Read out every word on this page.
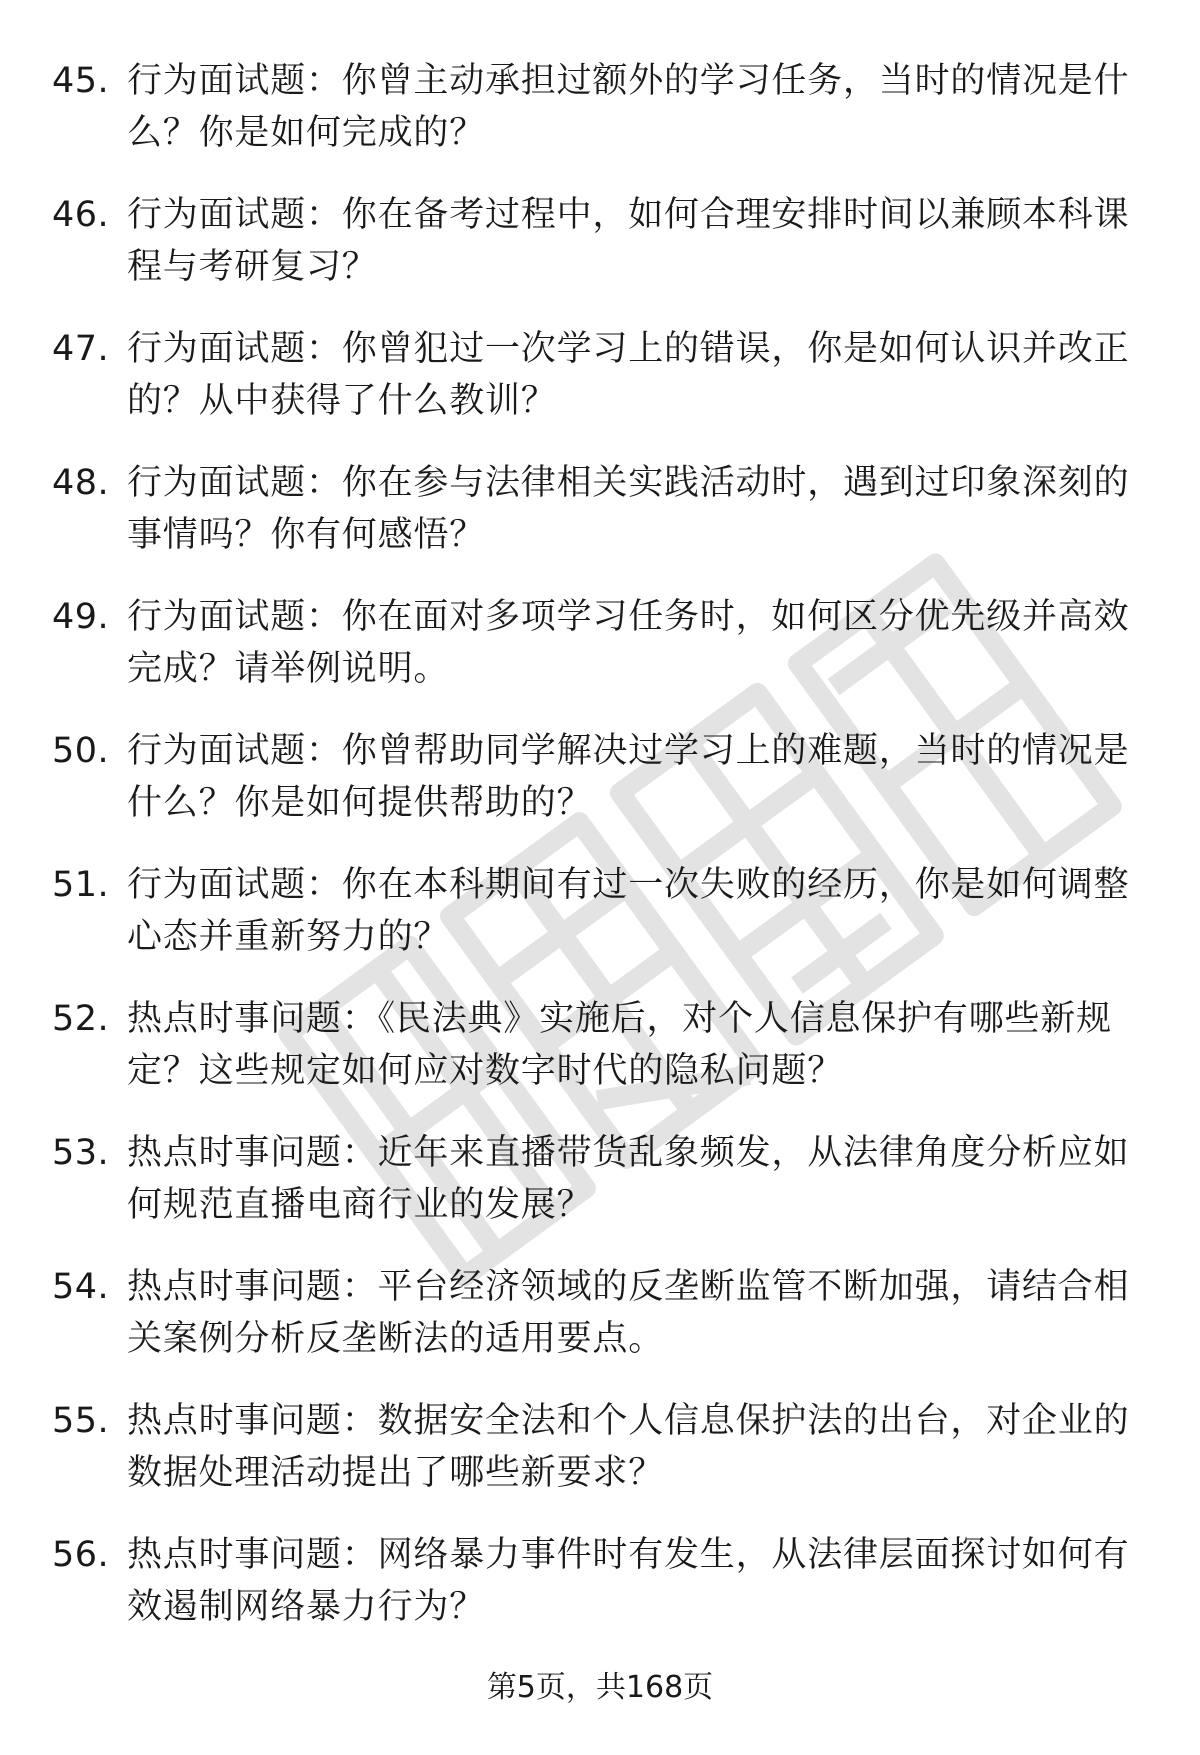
45. 行为面试题：你曾主动承担过额外的学习任务，当时的情况是什么？你是如何完成的？
46. 行为面试题：你在备考过程中，如何合理安排时间以兼顾本科课程与考研复习？
47. 行为面试题：你曾犯过一次学习上的错误，你是如何认识并改正的？从中获得了什么教训？
48. 行为面试题：你在参与法律相关实践活动时，遇到过印象深刻的事情吗？你有何感悟？
49. 行为面试题：你在面对多项学习任务时，如何区分优先级并高效完成？请举例说明。
50. 行为面试题：你曾帮助同学解决过学习上的难题，当时的情况是什么？你是如何提供帮助的？
51. 行为面试题：你在本科期间有过一次失败的经历，你是如何调整心态并重新努力的？
52. 热点时事问题：《民法典》实施后，对个人信息保护有哪些新规定？这些规定如何应对数字时代的隐私问题？
53. 热点时事问题：近年来直播带货乱象频发，从法律角度分析应如何规范直播电商行业的发展？
54. 热点时事问题：平台经济领域的反垄断监管不断加强，请结合相关案例分析反垄断法的适用要点。
55. 热点时事问题：数据安全法和个人信息保护法的出台，对企业的数据处理活动提出了哪些新要求？
56. 热点时事问题：网络暴力事件时有发生，从法律层面探讨如何有效遏制网络暴力行为？
第5页，共168页
